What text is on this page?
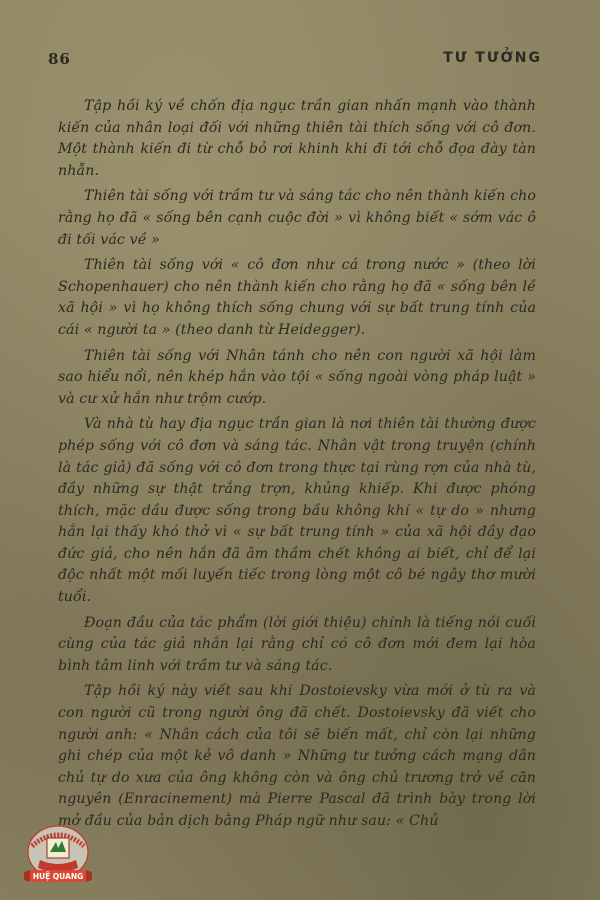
86	TƯ TƯỞNG

Tập hồi ký về chốn địa ngục trần gian nhấn mạnh vào thành kiến của nhân loại đối với những thiên tài thích sống với cô đơn. Một thành kiến đi từ chỗ bỏ rơi khinh khi đi tới chỗ đọa đày tàn nhẫn.

Thiên tài sống với trầm tư và sáng tác cho nên thành kiến cho rằng họ đã « sống bên cạnh cuộc đời » vì không biết « sớm vác ô đi tối vác về »

Thiên tài sống với « cô đơn như cá trong nước » (theo lời Schopenhauer) cho nên thành kiến cho rằng họ đã « sống bên lề xã hội » vì họ không thích sống chung với sự bất trung tính của cái « người ta » (theo danh từ Heidegger).

Thiên tài sống với Nhân tánh cho nên con người xã hội làm sao hiểu nổi, nên khép hắn vào tội « sống ngoài vòng pháp luật » và cư xử hắn như trộm cướp.

Và nhà tù hay địa ngục trần gian là nơi thiên tài thường được phép sống với cô đơn và sáng tác. Nhân vật trong truyện (chính là tác giả) đã sống với cô đơn trong thực tại rùng rợn của nhà tù, đầy những sự thật trắng trợn, khủng khiếp. Khi được phóng thích, mặc dầu được sống trong bầu không khí « tự do » nhưng hắn lại thấy khó thở vì « sự bất trung tính » của xã hội đầy đạo đức giả, cho nên hắn đã âm thầm chết không ai biết, chỉ để lại độc nhất một mối luyến tiếc trong lòng một cô bé ngây thơ mười tuổi.

Đoạn đầu của tác phẩm (lời giới thiệu) chính là tiếng nói cuối cùng của tác giả nhắn lại rằng chỉ có cô đơn mới đem lại hòa bình tâm linh với trầm tư và sáng tác.

Tập hồi ký này viết sau khi Dostoievsky vừa mới ở tù ra và con người cũ trong người ông đã chết. Dostoievsky đã viết cho người anh: « Nhân cách của tôi sẽ biến mất, chỉ còn lại những ghi chép của một kẻ vô danh » Những tư tưởng cách mạng dân chủ tự do xưa của ông không còn và ông chủ trương trở về căn nguyên (Enracinement) mà Pierre Pascal đã trình bày trong lời mở đầu của bản dịch bằng Pháp ngữ như sau: « Chủ

HUỆ QUANG
